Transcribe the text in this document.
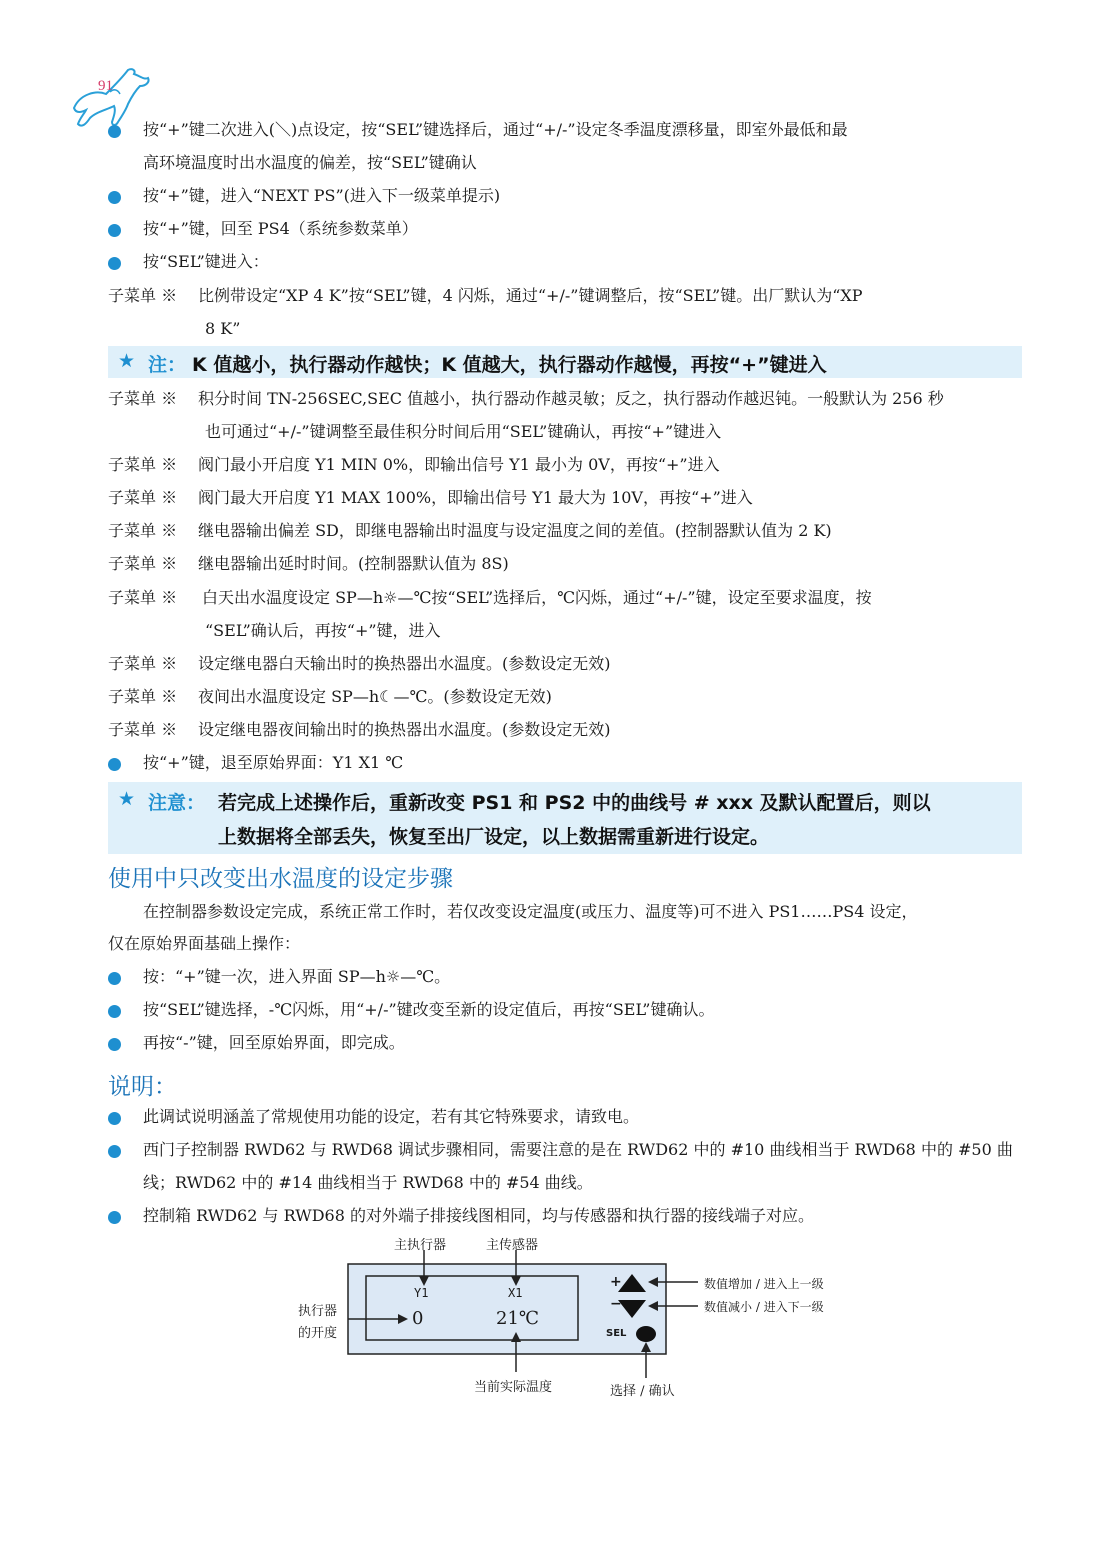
91
按“+”键二次进入(＼)点设定，按“SEL”键选择后，通过“+/-”设定冬季温度漂移量，即室外最低和最
高环境温度时出水温度的偏差，按“SEL”键确认
按“+”键，进入“NEXT PS”(进入下一级菜单提示)
按“+”键，回至 PS4（系统参数菜单）
按“SEL”键进入：
子菜单 ※ 比例带设定“XP 4 K”按“SEL”键，4 闪烁，通过“+/-”键调整后，按“SEL”键。出厂默认为“XP
8 K”
★ 注： K 值越小，执行器动作越快；K 值越大，执行器动作越慢，再按“+”键进入
子菜单 ※ 积分时间 TN-256SEC,SEC 值越小，执行器动作越灵敏；反之，执行器动作越迟钝。一般默认为 256 秒
也可通过“+/-”键调整至最佳积分时间后用“SEL”键确认，再按“+”键进入
子菜单 ※ 阀门最小开启度 Y1 MIN 0%，即输出信号 Y1 最小为 0V，再按“+”进入
子菜单 ※ 阀门最大开启度 Y1 MAX 100%，即输出信号 Y1 最大为 10V，再按“+”进入
子菜单 ※ 继电器输出偏差 SD，即继电器输出时温度与设定温度之间的差值。(控制器默认值为 2 K)
子菜单 ※ 继电器输出延时时间。(控制器默认值为 8S)
子菜单 ※ 白天出水温度设定 SP—h☼—℃按“SEL”选择后，℃闪烁，通过“+/-”键，设定至要求温度，按
“SEL”确认后，再按“+”键，进入
子菜单 ※ 设定继电器白天输出时的换热器出水温度。(参数设定无效)
子菜单 ※ 夜间出水温度设定 SP—h☾—℃。(参数设定无效)
子菜单 ※ 设定继电器夜间输出时的换热器出水温度。(参数设定无效)
按“+”键，退至原始界面：Y1 X1 ℃
★ 注意： 若完成上述操作后，重新改变 PS1 和 PS2 中的曲线号 # xxx 及默认配置后，则以
上数据将全部丢失，恢复至出厂设定，以上数据需重新进行设定。
使用中只改变出水温度的设定步骤
在控制器参数设定完成，系统正常工作时，若仅改变设定温度(或压力、温度等)可不进入 PS1……PS4 设定，
仅在原始界面基础上操作：
按：“+”键一次，进入界面 SP—h☼—℃。
按“SEL”键选择，-℃闪烁，用“+/-”键改变至新的设定值后，再按“SEL”键确认。
再按“-”键，回至原始界面，即完成。
说明：
此调试说明涵盖了常规使用功能的设定，若有其它特殊要求，请致电。
西门子控制器 RWD62 与 RWD68 调试步骤相同，需要注意的是在 RWD62 中的 #10 曲线相当于 RWD68 中的 #50 曲
线；RWD62 中的 #14 曲线相当于 RWD68 中的 #54 曲线。
控制箱 RWD62 与 RWD68 的对外端子排接线图相同，均与传感器和执行器的接线端子对应。
主执行器	主传感器
执行器
的开度
Y1	X1
0	21℃
+
−
SEL
数值增加 / 进入上一级
数值减小 / 进入下一级
当前实际温度	选择 / 确认
